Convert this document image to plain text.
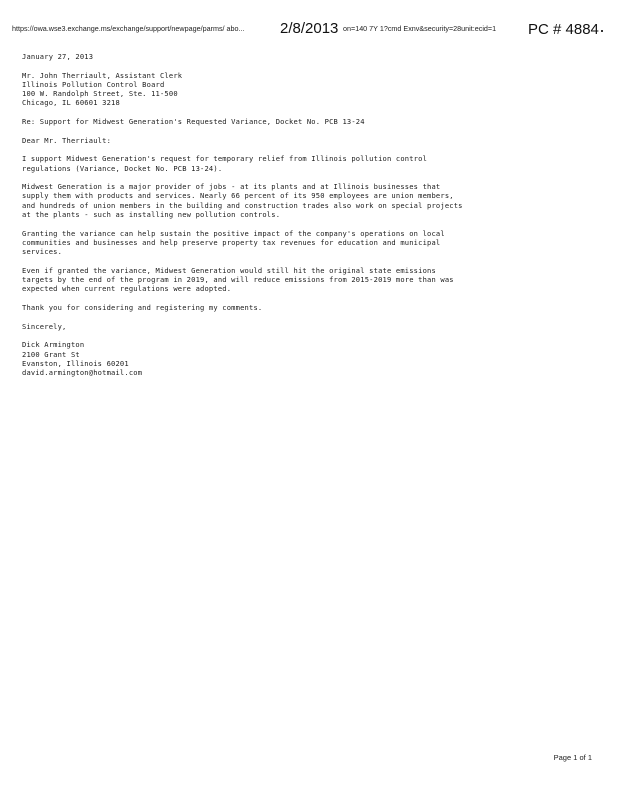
https://owa.wse3.exchange.ms/exchange/support/newpage/parms/ abo...	2/8/2013 on=140 7Y 1?cmd Exnv&security=28unit:ecid=1	PC # 4884

January 27, 2013

Mr. John Therriault, Assistant Clerk
Illinois Pollution Control Board
100 W. Randolph Street, Ste. 11-500
Chicago, IL 60601 3218

Re: Support for Midwest Generation's Requested Variance, Docket No. PCB 13-24

Dear Mr. Therriault:

I support Midwest Generation's request for temporary relief from Illinois pollution control
regulations (Variance, Docket No. PCB 13-24).
Midwest Generation is a major provider of jobs - at its plants and at Illinois businesses that
supply them with products and services. Nearly 66 percent of its 950 employees are union members,
and hundreds of union members in the building and construction trades also work on special projects
at the plants - such as installing new pollution controls.
Granting the variance can help sustain the positive impact of the company's operations on local
communities and businesses and help preserve property tax revenues for education and municipal
services.
Even if granted the variance, Midwest Generation would still hit the original state emissions
targets by the end of the program in 2019, and will reduce emissions from 2015-2019 more than was
expected when current regulations were adopted.
Thank you for considering and registering my comments.

Sincerely,

Dick Armington
2100 Grant St
Evanston, Illinois 60201
david.armington@hotmail.com
Page 1 of 1
